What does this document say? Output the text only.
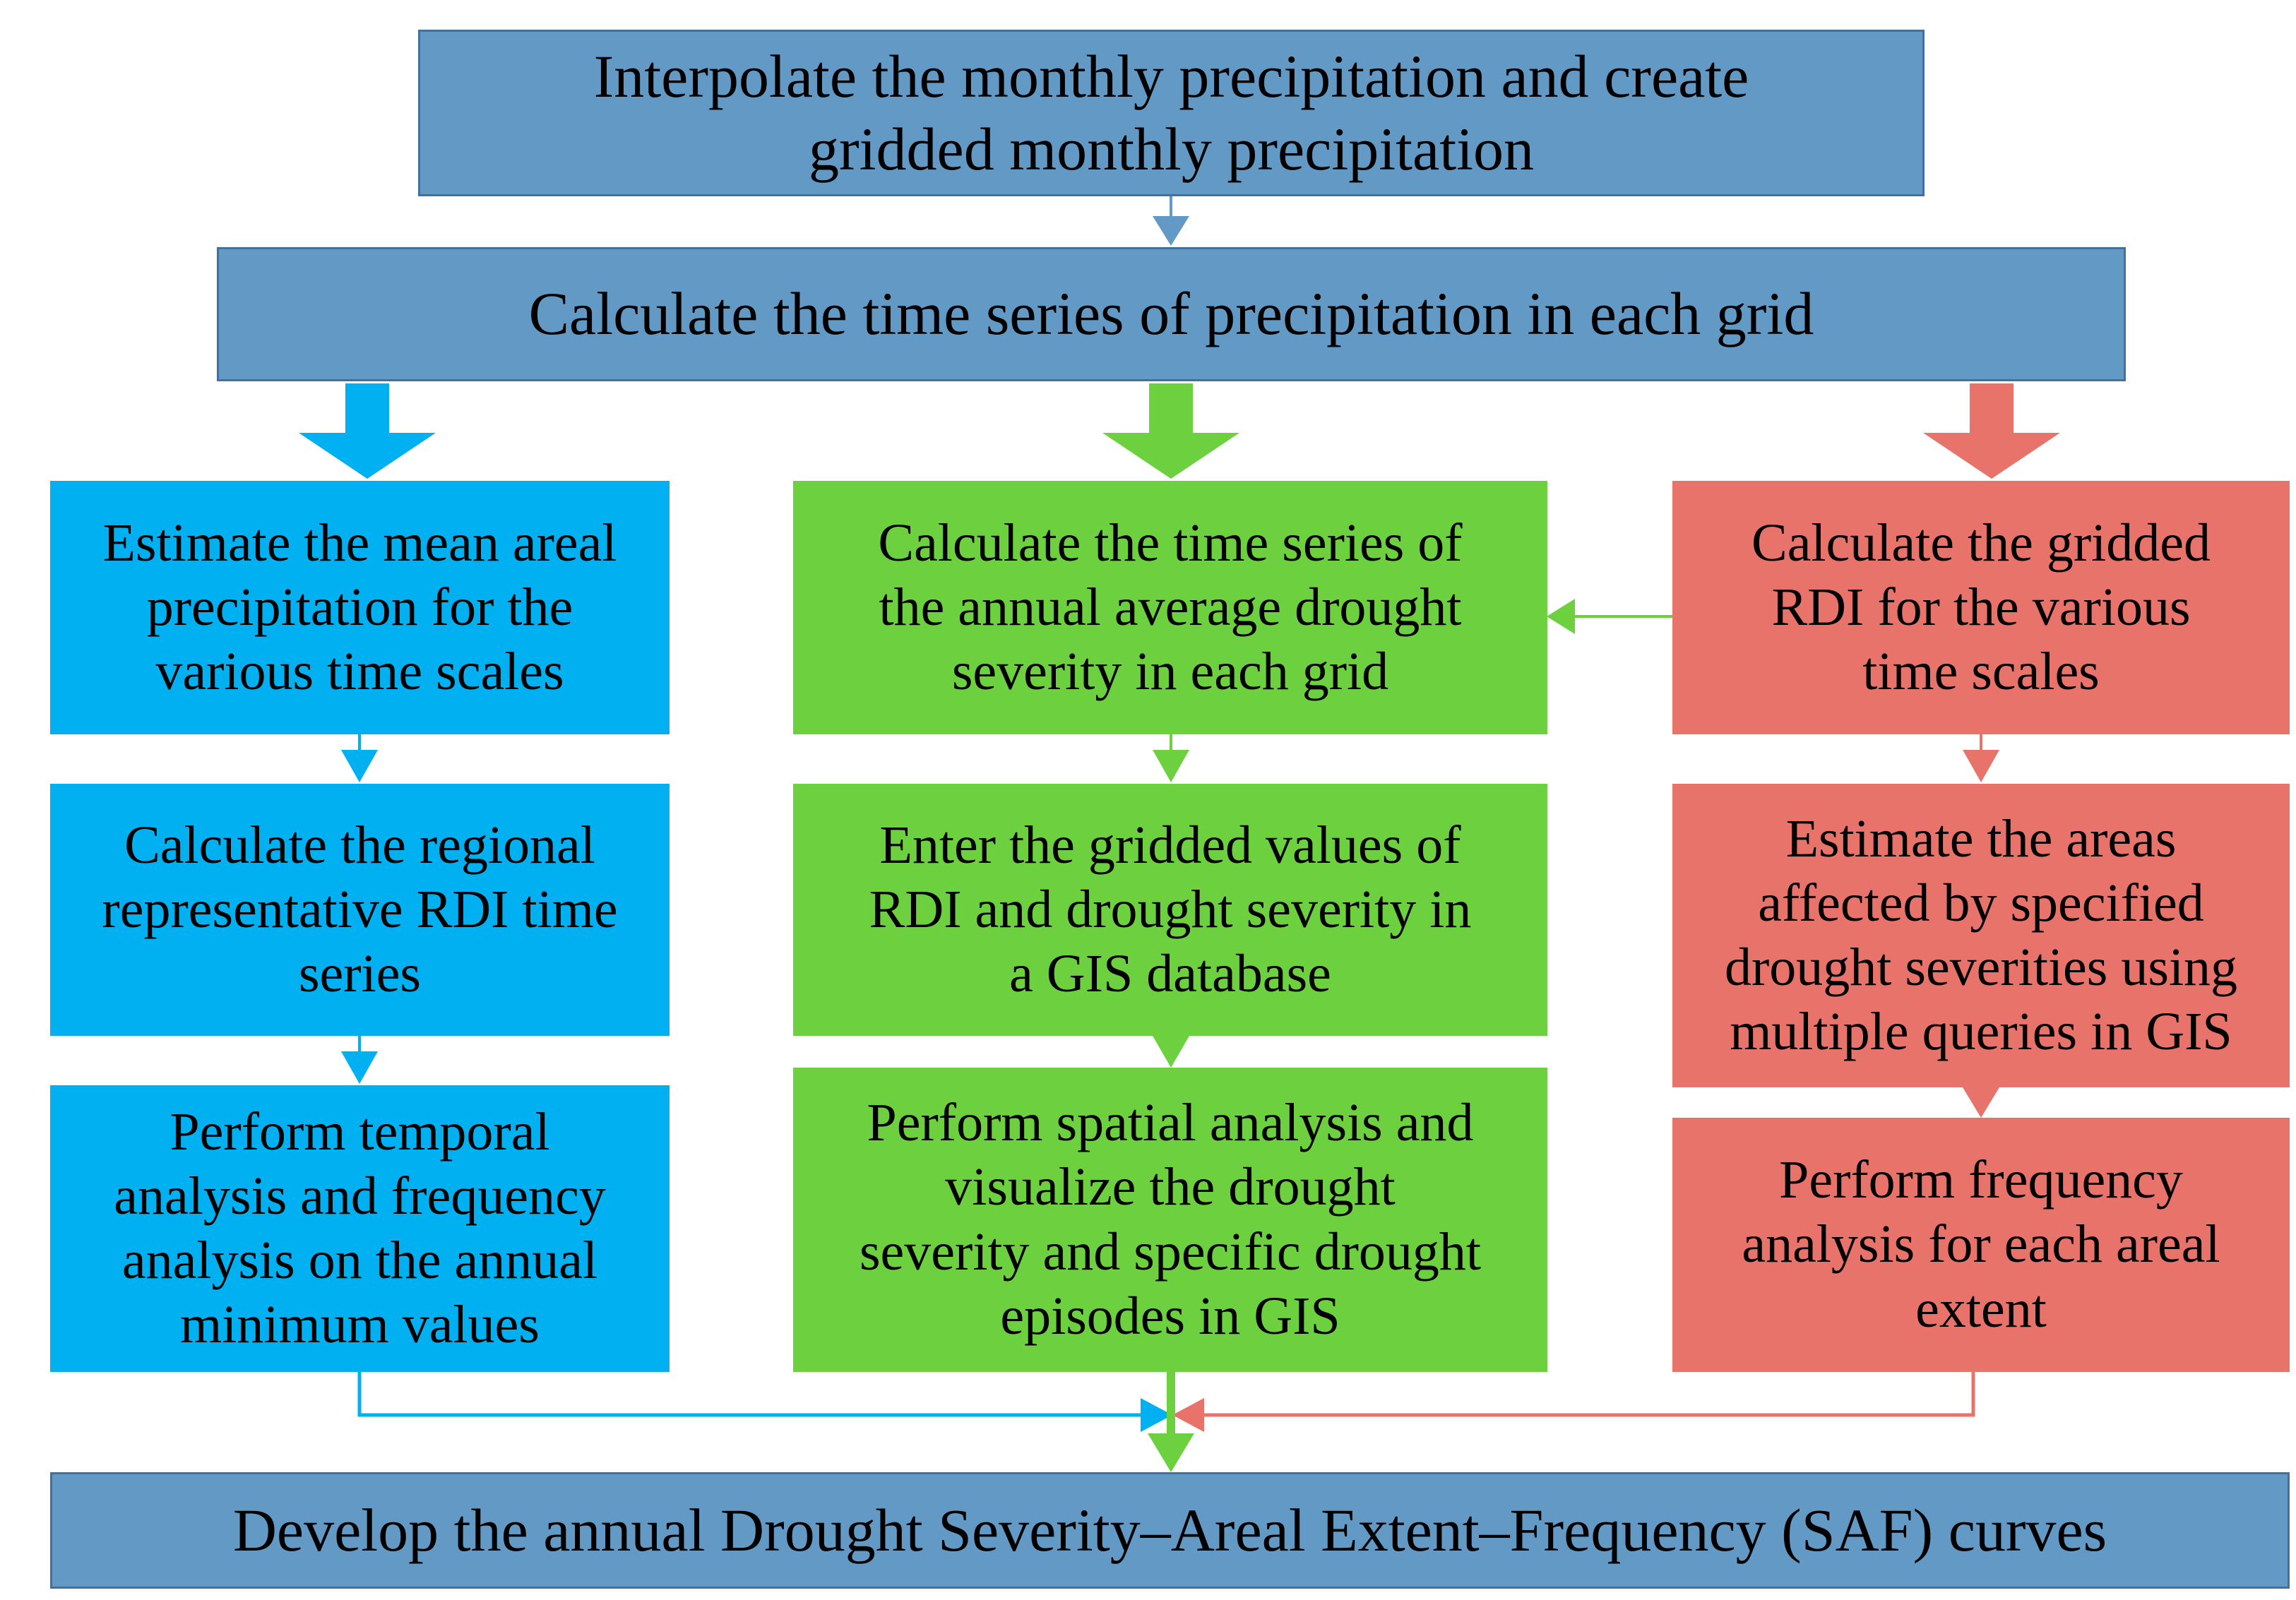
Interpolate the monthly precipitation and create
gridded monthly precipitation
Calculate the time series of precipitation in each grid
Estimate the mean areal
precipitation for the
various time scales
Calculate the regional
representative RDI time
series
Perform temporal
analysis and frequency
analysis on the annual
minimum values
Calculate the time series of
the annual average drought
severity in each grid
Enter the gridded values of
RDI and drought severity in
a GIS database
Perform spatial analysis and
visualize the drought
severity and specific drought
episodes in GIS
Calculate the gridded
RDI for the various
time scales
Estimate the areas
affected by specified
drought severities using
multiple queries in GIS
Perform frequency
analysis for each areal
extent
Develop the annual Drought Severity–Areal Extent–Frequency (SAF) curves
